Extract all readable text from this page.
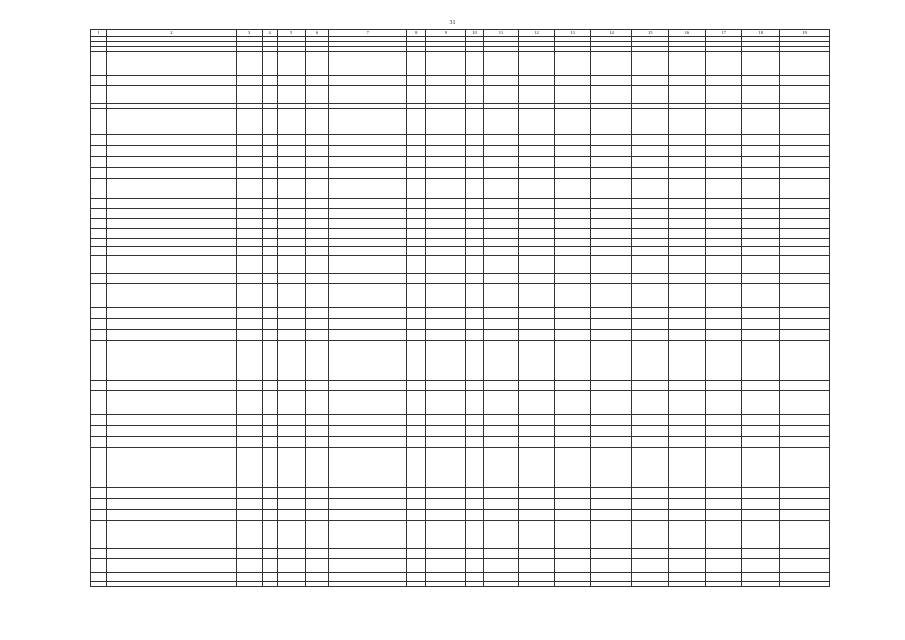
31
1	2	3	4	5	6	7	8	9	10	11	12	13	14	15	16	17	18	19
